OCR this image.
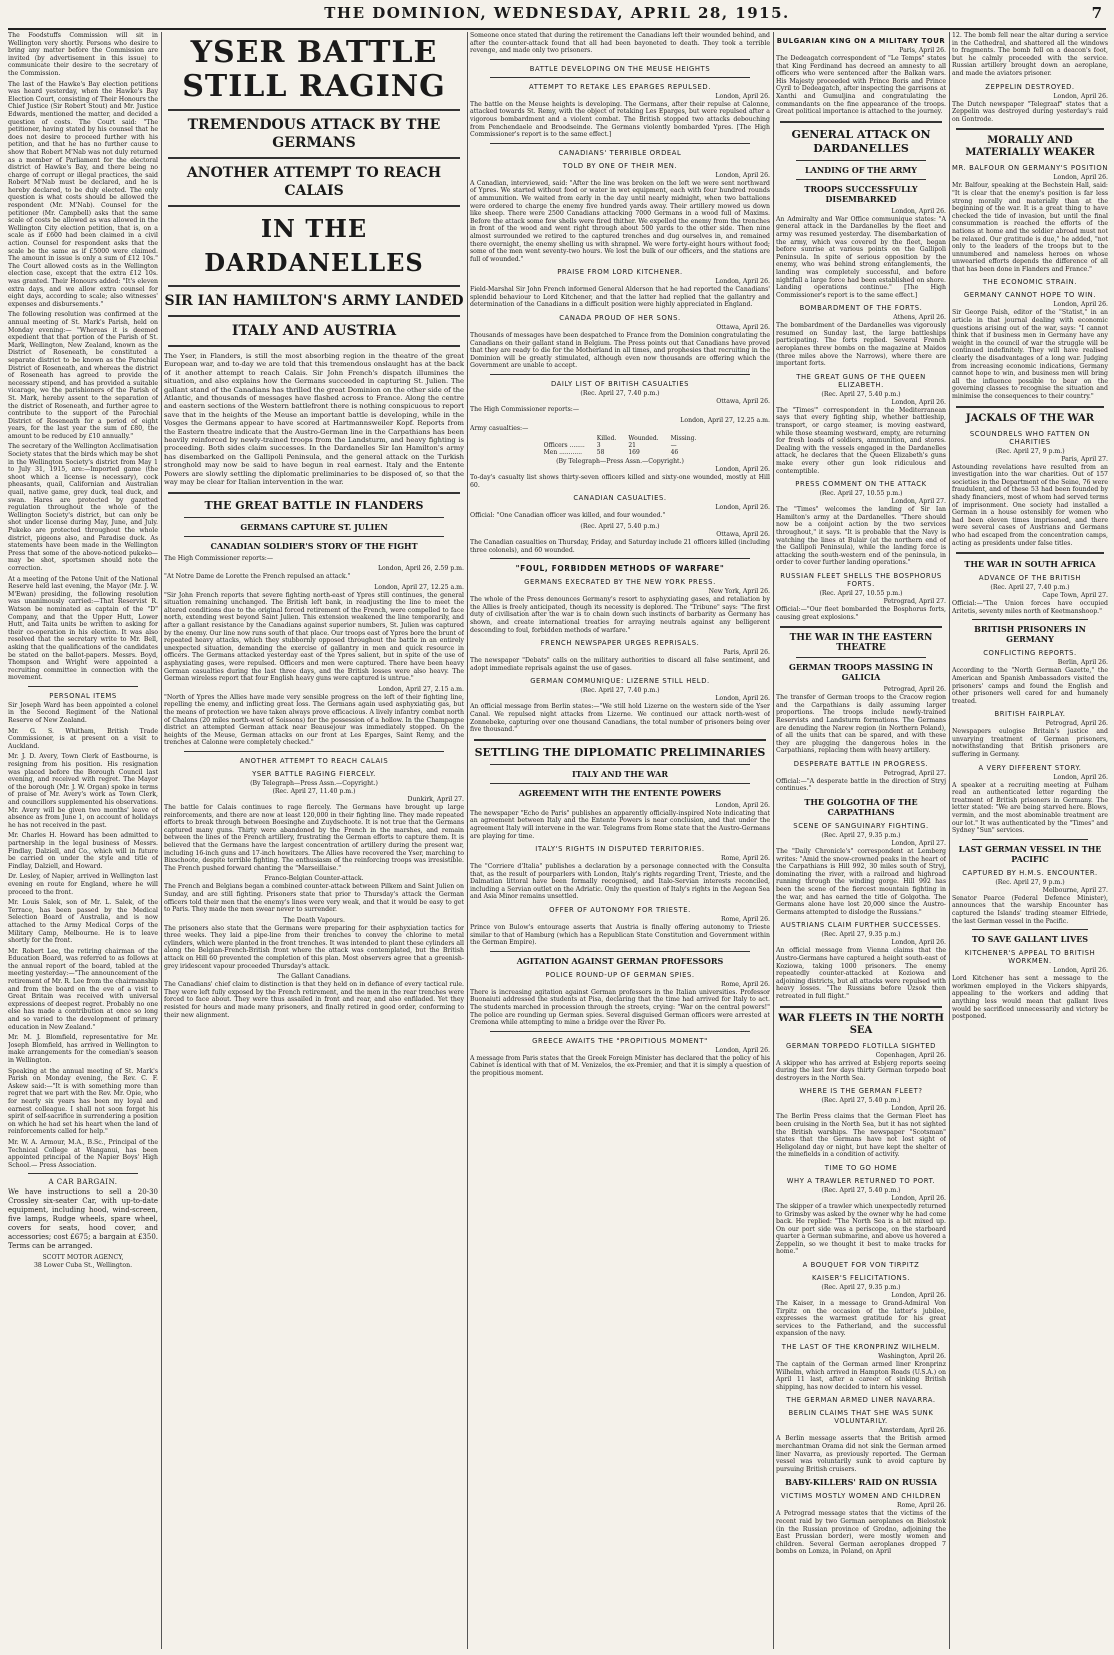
THE DOMINION, WEDNESDAY, APRIL 28, 1915.	7

The Foodstuffs Commission will sit in Wellington very shortly. Persons who desire to bring any matter before the Commission are invited (by advertisement in this issue) to communicate their desire to the secretary of the Commission.

The last of the Hawke's Bay election petitions was heard yesterday, when the Hawke's Bay Election Court, consisting of Their Honours the Chief Justice (Sir Robert Stout) and Mr. Justice Edwards, mentioned the matter, and decided a question of costs. The Court said: "The petitioner, having stated by his counsel that he does not desire to proceed further with his petition, and that he has no further cause to show that Robert M'Nab was not duly returned as a member of Parliament for the electoral district of Hawke's Bay, and there being no charge of corrupt or illegal practices, the said Robert M'Nab must be declared, and he is hereby declared, to be duly elected. The only question is what costs should be allowed the respondent (Mr. M'Nab). Counsel for the petitioner (Mr. Campbell) asks that the same scale of costs be allowed as was allowed in the Wellington City election petition, that is, on a scale as if £600 had been claimed in a civil action. Counsel for respondent asks that the scale be the same as if £5000 were claimed. The amount in issue is only a sum of £12 10s." The Court allowed costs as in the Wellington election case, except that the extra £12 10s. was granted. Their Honours added: "It's eleven extra days, and we allow extra counsel for eight days, according to scale; also witnesses' expenses and disbursements."

The following resolution was confirmed at the annual meeting of St. Mark's Parish, held on Monday evening:— "Whereas it is deemed expedient that that portion of the Parish of St. Mark, Wellington, New Zealand, known as the District of Roseneath, be constituted a separate district to be known as the Parochial District of Roseneath, and whereas the district of Roseneath has agreed to provide the necessary stipend, and has provided a suitable vicarage, we the parishioners of the Parish of St. Mark, hereby assent to the separation of the district of Roseneath, and further agree to contribute to the support of the Parochial District of Roseneath for a period of eight years, for the last year the sum of £80, the amount to be reduced by £10 annually."

The secretary of the Wellington Acclimatisation Society states that the birds which may be shot in the Wellington Society's district from May 1 to July 31, 1915, are:—Imported game (the shoot which a license is necessary), cock pheasants, quail, Californian and Australian quail, native game, grey duck, teal duck, and swan. Hares are protected by gazetted regulation throughout the whole of the Wellington Society's district, but can only be shot under license during May, June, and July. Pukeko are protected throughout the whole district, pigeons also, and Paradise duck. As statements have been made in the Wellington Press that some of the above-noticed pukeko—may be shot, sportsmen should note the correction.

At a meeting of the Petone Unit of the National Reserve held last evening, the Mayor (Mr. J. W. M'Ewan) presiding, the following resolution was unanimously carried:—That Reservist R. Watson be nominated as captain of the "D" Company, and that the Upper Hutt, Lower Hutt, and Taita units be written to asking for their co-operation in his election. It was also resolved that the secretary write to Mr. Bell, asking that the qualifications of the candidates be stated on the ballot-papers. Messrs. Boyd, Thompson and Wright were appointed a recruiting committee in connection with the movement.

PERSONAL ITEMS

Sir Joseph Ward has been appointed a colonel in the Second Regiment of the National Reserve of New Zealand.

Mr. G. S. Whitham, British Trade Commissioner, is at present on a visit to Auckland.

Mr. J. D. Avery, Town Clerk of Eastbourne, is resigning from his position. His resignation was placed before the Borough Council last evening, and received with regret. The Mayor of the borough (Mr. J. W. Organ) spoke in terms of praise of Mr. Avery's work as Town Clerk, and councillors supplemented his observations. Mr. Avery will be given two months' leave of absence as from June 1, on account of holidays he has not received in the past.

Mr. Charles H. Howard has been admitted to partnership in the legal business of Messrs. Findlay, Dalziell, and Co., which will in future be carried on under the style and title of Findlay, Dalziell, and Howard.

Dr. Lesley, of Napier, arrived in Wellington last evening en route for England, where he will proceed to the front.

Mr. Louis Salek, son of Mr. L. Salek, of the Terrace, has been passed by the Medical Selection Board of Australia, and is now attached to the Army Medical Corps of the Military Camp, Melbourne. He is to leave shortly for the front.

Mr. Robert Lee, the retiring chairman of the Education Board, was referred to as follows at the annual report of the board, tabled at the meeting yesterday:—"The announcement of the retirement of Mr. R. Lee from the chairmanship and from the board on the eve of a visit to Great Britain was received with universal expressions of deepest regret. Probably no one else has made a contribution at once so long and so varied to the development of primary education in New Zealand."

Mr. M. J. Blomfield, representative for Mr. Joseph Blomfield, has arrived in Wellington to make arrangements for the comedian's season in Wellington.

Speaking at the annual meeting of St. Mark's Parish on Monday evening, the Rev. C. F. Askew said:—"It is with something more than regret that we part with the Rev. Mr. Opie, who for nearly six years has been my loyal and earnest colleague. I shall not soon forget his spirit of self-sacrifice in surrendering a position on which he had set his heart when the land of reinforcements called for help."

Mr. W. A. Armour, M.A., B.Sc., Principal of the Technical College at Wanganui, has been appointed principal of the Napier Boys' High School.— Press Association.

A CAR BARGAIN.

We have instructions to sell a 20-30 Crossley six-seater Car, with up-to-date equipment, including hood, wind-screen, five lamps, Rudge wheels, spare wheel, covers for seats, hood cover, and accessories; cost £675; a bargain at £350. Terms can be arranged.

SCOTT MOTOR AGENCY,
38 Lower Cuba St., Wellington.
YSER BATTLE STILL RAGING
TREMENDOUS ATTACK BY THE GERMANS
ANOTHER ATTEMPT TO REACH CALAIS
IN THE DARDANELLES
SIR IAN HAMILTON'S ARMY LANDED
ITALY AND AUSTRIA

The Yser, in Flanders, is still the most absorbing region in the theatre of the great European war, and to-day we are told that this tremendous onslaught has at the back of it another attempt to reach Calais. Sir John French's dispatch illumines the situation, and also explains how the Germans succeeded in capturing St. Julien. The gallant stand of the Canadians has thrilled the great Dominion on the other side of the Atlantic, and thousands of messages have flashed across to France. Along the centre and eastern sections of the Western battlefront there is nothing conspicuous to report save that in the heights of the Meuse an important battle is developing, while in the Vosges the Germans appear to have scored at Hartmannsweiler Kopf. Reports from the Eastern theatre indicate that the Austro-German line in the Carpathians has been heavily reinforced by newly-trained troops from the Landsturm, and heavy fighting is proceeding. Both sides claim successes. In the Dardanelles Sir Ian Hamilton's army has disembarked on the Gallipoli Peninsula, and the general attack on the Turkish stronghold may now be said to have begun in real earnest. Italy and the Entente Powers are slowly settling the diplomatic preliminaries to be disposed of, so that the way may be clear for Italian intervention in the war.

THE GREAT BATTLE IN FLANDERS
GERMANS CAPTURE ST. JULIEN
CANADIAN SOLDIER'S STORY OF THE FIGHT

The High Commissioner reports:—

London, April 26, 2.59 p.m.

"At Notre Dame de Lorette the French repulsed an attack."

London, April 27, 12.25 a.m.

"Sir John French reports that severe fighting north-east of Ypres still continues, the general situation remaining unchanged. The British left bank, in readjusting the line to meet the altered conditions due to the original forced retirement of the French, were compelled to face north, extending west beyond Saint Julien. This extension weakened the line temporarily, and after a gallant resistance by the Canadians against superior numbers, St. Julien was captured by the enemy. Our line now runs south of that place. Our troops east of Ypres bore the brunt of repeated heavy attacks, which they stubbornly opposed throughout the battle in an entirely unexpected situation, demanding the exercise of gallantry in men and quick resource in officers. The Germans attacked yesterday east of the Ypres salient, but in spite of the use of asphyxiating gases, were repulsed. Officers and men were captured. There have been heavy German casualties during the last three days, and the British losses were also heavy. The German wireless report that four English heavy guns were captured is untrue."

London, April 27, 2.15 a.m.

"North of Ypres the Allies have made very sensible progress on the left of their fighting line, repelling the enemy, and inflicting great loss. The Germans again used asphyxiating gas, but the means of protection we have taken always prove efficacious. A lively infantry combat north of Chalons (20 miles north-west of Soissons) for the possession of a hollow. In the Champagne district an attempted German attack near Beausejour was immediately stopped. On the heights of the Meuse, German attacks on our front at Les Eparges, Saint Remy, and the trenches at Calonne were completely checked."

ANOTHER ATTEMPT TO REACH CALAIS
YSER BATTLE RAGING FIERCELY.
(By Telegraph—Press Assn.—Copyright.)
(Rec. April 27, 11.40 p.m.)
Dunkirk, April 27.

The battle for Calais continues to rage fiercely. The Germans have brought up large reinforcements, and there are now at least 120,000 in their fighting line. They made repeated efforts to break through between Boesinghe and Zuydschoote. It is not true that the Germans captured many guns. Thirty were abandoned by the French in the marshes, and remain between the lines of the French artillery, frustrating the German efforts to capture them. It is believed that the Germans have the largest concentration of artillery during the present war, including 16-inch guns and 17-inch howitzers. The Allies have recovered the Yser, marching to Bixschoote, despite terrible fighting. The enthusiasm of the reinforcing troops was irresistible. The French pushed forward chanting the "Marseillaise."

Franco-Belgian Counter-attack.

The French and Belgians began a combined counter-attack between Pilkem and Saint Julien on Sunday, and are still fighting. Prisoners state that prior to Thursday's attack the German officers told their men that the enemy's lines were very weak, and that it would be easy to get to Paris. They made the men swear never to surrender.

The Death Vapours.

The prisoners also state that the Germans were preparing for their asphyxiation tactics for three weeks. They laid a pipe-line from their trenches to convey the chlorine to metal cylinders, which were planted in the front trenches. It was intended to plant these cylinders all along the Belgian-French-British front where the attack was contemplated, but the British attack on Hill 60 prevented the completion of this plan. Most observers agree that a greenish-grey iridescent vapour proceeded Thursday's attack.

The Gallant Canadians.

The Canadians' chief claim to distinction is that they held on in defiance of every tactical rule. They were left fully exposed by the French retirement, and the men in the rear trenches were forced to face about. They were thus assailed in front and rear, and also enfiladed. Yet they resisted for hours and made many prisoners, and finally retired in good order, conforming to their new alignment.

Someone once stated that during the retirement the Canadians left their wounded behind, and after the counter-attack found that all had been bayoneted to death. They took a terrible revenge, and made only two prisoners.

BATTLE DEVELOPING ON THE MEUSE HEIGHTS
ATTEMPT TO RETAKE LES EPARGES REPULSED.
London, April 26.

The battle on the Meuse heights is developing. The Germans, after their repulse at Calonne, attacked towards St. Remy, with the object of retaking Les Eparges, but were repulsed after a vigorous bombardment and a violent combat. The British stopped two attacks debouching from Penchendaele and Broodseinde. The Germans violently bombarded Ypres. [The High Commissioner's report is to the same effect.]

CANADIANS' TERRIBLE ORDEAL
TOLD BY ONE OF THEIR MEN.
London, April 26.

A Canadian, interviewed, said: "After the line was broken on the left we were sent northward of Ypres. We started without food or water in wet equipment, each with four hundred rounds of ammunition. We waited from early in the day until nearly midnight, when two battalions were ordered to charge the enemy five hundred yards away. Their artillery mowed us down like sheep. There were 2500 Canadians attacking 7000 Germans in a wood full of Maxims. Before the attack some few shells were fired thither. We expelled the enemy from the trenches in front of the wood and went right through about 500 yards to the other side. Then nine almost surrounded we retired to the captured trenches and dug ourselves in, and remained there overnight, the enemy shelling us with shrapnel. We were forty-eight hours without food; some of the men went seventy-two hours. We lost the bulk of our officers, and the stations are full of wounded."

PRAISE FROM LORD KITCHENER.
London, April 26.

Field-Marshal Sir John French informed General Alderson that he had reported the Canadians' splendid behaviour to Lord Kitchener, and that the latter had replied that the gallantry and determination of the Canadians in a difficult position were highly appreciated in England.

CANADA PROUD OF HER SONS.
Ottawa, April 26.

Thousands of messages have been despatched to France from the Dominion congratulating the Canadians on their gallant stand in Belgium. The Press points out that Canadians have proved that they are ready to die for the Motherland in all times, and prophesies that recruiting in the Dominion will be greatly stimulated, although even now thousands are offering which the Government are unable to accept.

DAILY LIST OF BRITISH CASUALTIES
(Rec. April 27, 7.40 p.m.)
Ottawa, April 26.

The High Commissioner reports:—

London, April 27, 12.25 a.m.

Army casualties:—

	Killed.	Wounded.	Missing.
Officers ........	3	21	—
Men ............	58	169	46
(By Telegraph—Press Assn.—Copyright.)
London, April 26.

To-day's casualty list shows thirty-seven officers killed and sixty-one wounded, mostly at Hill 60.

CANADIAN CASUALTIES.
London, April 26.

Official: "One Canadian officer was killed, and four wounded."

(Rec. April 27, 5.40 p.m.)
Ottawa, April 26.

The Canadian casualties on Thursday, Friday, and Saturday include 21 officers killed (including three colonels), and 60 wounded.

"FOUL, FORBIDDEN METHODS OF WARFARE"
GERMANS EXECRATED BY THE NEW YORK PRESS.
New York, April 26.

The whole of the Press denounces Germany's resort to asphyxiating gases, and retaliation by the Allies is freely anticipated, though its necessity is deplored. The "Tribune" says: "The first duty of civilisation after the war is to chain down such instincts of barbarity as Germany has shown, and create international treaties for arraying neutrals against any belligerent descending to foul, forbidden methods of warfare."

FRENCH NEWSPAPER URGES REPRISALS.
Paris, April 26.

The newspaper "Debats" calls on the military authorities to discard all false sentiment, and adopt immediate reprisals against the use of gases.

GERMAN COMMUNIQUE: LIZERNE STILL HELD.
(Rec. April 27, 7.40 p.m.)
London, April 26.

An official message from Berlin states:—"We still hold Lizerne on the western side of the Yser Canal. We repulsed night attacks from Lizerne. We continued our attack north-west of Zonnebeke, capturing over one thousand Canadians, the total number of prisoners being over five thousand."

SETTLING THE DIPLOMATIC PRELIMINARIES
ITALY AND THE WAR
AGREEMENT WITH THE ENTENTE POWERS
London, April 26.

The newspaper "Echo de Paris" publishes an apparently officially-inspired Note indicating that an agreement between Italy and the Entente Powers is near conclusion, and that under the agreement Italy will intervene in the war. Telegrams from Rome state that the Austro-Germans are playing for time.

ITALY'S RIGHTS IN DISPUTED TERRITORIES.
Rome, April 26.

The "Corriere d'Italia" publishes a declaration by a personage connected with the Consulta that, as the result of pourparlers with London, Italy's rights regarding Trent, Trieste, and the Dalmatian littoral have been formally recognised, and Italo-Servian interests reconciled, including a Servian outlet on the Adriatic. Only the question of Italy's rights in the Aegean Sea and Asia Minor remains unsettled.

OFFER OF AUTONOMY FOR TRIESTE.
Rome, April 26.

Prince von Bulow's entourage asserts that Austria is finally offering autonomy to Trieste similar to that of Hamburg (which has a Republican State Constitution and Government within the German Empire).

AGITATION AGAINST GERMAN PROFESSORS
POLICE ROUND-UP OF GERMAN SPIES.
Rome, April 26.

There is increasing agitation against German professors in the Italian universities. Professor Buonaiuti addressed the students at Pisa, declaring that the time had arrived for Italy to act. The students marched in procession through the streets, crying: "War on the central powers!" The police are rounding up German spies. Several disguised German officers were arrested at Cremona while attempting to mine a bridge over the River Po.

GREECE AWAITS THE "PROPITIOUS MOMENT"
London, April 26.

A message from Paris states that the Greek Foreign Minister has declared that the policy of his Cabinet is identical with that of M. Venizelos, the ex-Premier, and that it is simply a question of the propitious moment.

BULGARIAN KING ON A MILITARY TOUR
Paris, April 26.

The Dedeagatch correspondent of "Le Temps" states that King Ferdinand has decreed an amnesty to all officers who were sentenced after the Balkan wars. His Majesty proceeded with Prince Boris and Prince Cyril to Dedeagatch, after inspecting the garrisons at Xanthi and Gumuljina and congratulating the commandants on the fine appearance of the troops. Great political importance is attached to the journey.

GENERAL ATTACK ON DARDANELLES
LANDING OF THE ARMY
TROOPS SUCCESSFULLY DISEMBARKED
London, April 26.

An Admiralty and War Office communique states: "A general attack in the Dardanelles by the fleet and army was resumed yesterday. The disembarkation of the army, which was covered by the fleet, began before sunrise at various points on the Gallipoli Peninsula. In spite of serious opposition by the enemy, who was behind strong entanglements, the landing was completely successful, and before nightfall a large force had been established on shore. Landing operations continue." [The High Commissioner's report is to the same effect.]

BOMBARDMENT OF THE FORTS.
Athens, April 26.

The bombardment of the Dardanelles was vigorously resumed on Sunday last, the large battleships participating. The forts replied. Several French aeroplanes threw bombs on the magazine at Maidos (three miles above the Narrows), where there are important forts.

THE GREAT GUNS OF THE QUEEN ELIZABETH.
(Rec. April 27, 5.40 p.m.)
London, April 26.

The "Times'" correspondent in the Mediterranean says that every fighting ship, whether battleship, transport, or cargo steamer, is moving eastward, while those steaming westward, empty, are returning for fresh loads of soldiers, ammunition, and stores. Dealing with the vessels engaged in the Dardanelles attack, he declares that the Queen Elizabeth's guns make every other gun look ridiculous and contemptible.

PRESS COMMENT ON THE ATTACK
(Rec. April 27, 10.55 p.m.)
London, April 27.

The "Times" welcomes the landing of Sir Ian Hamilton's army at the Dardanelles. "There should now be a conjoint action by the two services throughout," it says. "It is probable that the Navy is watching the lines at Bulair (at the northern end of the Gallipoli Peninsula), while the landing force is attacking the south-western end of the peninsula, in order to cover further landing operations."

RUSSIAN FLEET SHELLS THE BOSPHORUS FORTS.
(Rec. April 27, 10.55 p.m.)
Petrograd, April 27.

Official:—"Our fleet bombarded the Bosphorus forts, causing great explosions."

THE WAR IN THE EASTERN THEATRE
GERMAN TROOPS MASSING IN GALICIA
Petrograd, April 26.

The transfer of German troops to the Cracow region and the Carpathians is daily assuming larger proportions. The troops include newly-trained Reservists and Landsturm formations. The Germans are denuding the Narew region (in Northern Poland), of all the units that can be spared, and with these they are plugging the dangerous holes in the Carpathians, replacing them with heavy artillery.

DESPERATE BATTLE IN PROGRESS.
Petrograd, April 27.

Official:—"A desperate battle in the direction of Stryj continues."

THE GOLGOTHA OF THE CARPATHIANS
SCENE OF SANGUINARY FIGHTING.
(Rec. April 27, 9.35 p.m.)
London, April 27.

The "Daily Chronicle's" correspondent at Lemberg writes: "Amid the snow-crowned peaks in the heart of the Carpathians is Hill 992, 30 miles south of Stryj, dominating the river, with a railroad and highroad running through the winding gorge. Hill 992 has been the scene of the fiercest mountain fighting in the war, and has earned the title of Golgotha. The Germans alone have lost 20,000 since the Austro-Germans attempted to dislodge the Russians."

AUSTRIANS CLAIM FURTHER SUCCESSES.
(Rec. April 27, 9.35 p.m.)
London, April 26.

An official message from Vienna claims that the Austro-Germans have captured a height south-east of Koziowa, taking 1000 prisoners. The enemy repeatedly counter-attacked at Koziowa and adjoining districts, but all attacks were repulsed with heavy losses. "The Russians before Uzsok then retreated in full flight."

WAR FLEETS IN THE NORTH SEA
GERMAN TORPEDO FLOTILLA SIGHTED
Copenhagen, April 26.

A skipper who has arrived at Esbjerg reports seeing during the last few days thirty German torpedo boat destroyers in the North Sea.

WHERE IS THE GERMAN FLEET?
(Rec. April 27, 5.40 p.m.)
London, April 26.

The Berlin Press claims that the German Fleet has been cruising in the North Sea, but it has not sighted the British warships. The newspaper "Scotsman" states that the Germans have not lost sight of Heligoland day or night, but have kept the shelter of the minefields in a condition of activity.

TIME TO GO HOME
WHY A TRAWLER RETURNED TO PORT.
(Rec. April 27, 5.40 p.m.)
London, April 26.

The skipper of a trawler which unexpectedly returned to Grimsby was asked by the owner why he had come back. He replied: "The North Sea is a bit mixed up. On our port side was a periscope, on the starboard quarter a German submarine, and above us hovered a Zeppelin, so we thought it best to make tracks for home."

A BOUQUET FOR VON TIRPITZ
KAISER'S FELICITATIONS.
(Rec. April 27, 9.35 p.m.)
London, April 26.

The Kaiser, in a message to Grand-Admiral Von Tirpitz on the occasion of the latter's jubilee, expresses the warmest gratitude for his great services to the Fatherland, and the successful expansion of the navy.

THE LAST OF THE KRONPRINZ WILHELM.
Washington, April 26.

The captain of the German armed liner Kronprinz Wilhelm, which arrived in Hampton Roads (U.S.A.) on April 11 last, after a career of sinking British shipping, has now decided to intern his vessel.

THE GERMAN ARMED LINER NAVARRA.
BERLIN CLAIMS THAT SHE WAS SUNK VOLUNTARILY.
Amsterdam, April 26.

A Berlin message asserts that the British armed merchantman Orama did not sink the German armed liner Navarra, as previously reported. The German vessel was voluntarily sunk to avoid capture by pursuing British cruisers.

BABY-KILLERS' RAID ON RUSSIA
VICTIMS MOSTLY WOMEN AND CHILDREN
Rome, April 26.

A Petrograd message states that the victims of the recent raid by two German aeroplanes on Bielostok (in the Russian province of Grodno, adjoining the East Prussian border), were mostly women and children. Several German aeroplanes dropped 7 bombs on Lomza, in Poland, on April

12. The bomb fell near the altar during a service in the Cathedral, and shattered all the windows to fragments. The bomb fell on a deacon's foot, but he calmly proceeded with the service. Russian artillery brought down an aeroplane, and made the aviators prisoner.

ZEPPELIN DESTROYED.
London, April 26.

The Dutch newspaper "Telegraaf" states that a Zeppelin was destroyed during yesterday's raid on Gontrode.

MORALLY AND MATERIALLY WEAKER
MR. BALFOUR ON GERMANY'S POSITION
London, April 26.

Mr. Balfour, speaking at the Bechstein Hall, said: "It is clear that the enemy's position is far less strong morally and materially than at the beginning of the war. It is a great thing to have checked the tide of invasion, but until the final consummation is reached the efforts of the nations at home and the soldier abroad must not be relaxed. Our gratitude is due," he added, "not only to the leaders of the troops but to the unnumbered and nameless heroes on whose unwearied efforts depends the difference of all that has been done in Flanders and France."

THE ECONOMIC STRAIN.
GERMANY CANNOT HOPE TO WIN.
London, April 26.

Sir George Paish, editor of the "Statist," in an article in that journal dealing with economic questions arising out of the war, says: "I cannot think that if business men in Germany have any weight in the council of war the struggle will be continued indefinitely. They will have realised clearly the disadvantages of a long war. Judging from increasing economic indications, Germany cannot hope to win, and business men will bring all the influence possible to bear on the governing classes to recognise the situation and minimise the consequences to their country."

JACKALS OF THE WAR
SCOUNDRELS WHO FATTEN ON CHARITIES
(Rec. April 27, 9 p.m.)
Paris, April 27.

Astounding revelations have resulted from an investigation into the war charities. Out of 157 societies in the Department of the Seine, 76 were fraudulent, and of these 53 had been founded by shady financiers, most of whom had served terms of imprisonment. One society had installed a German in a house ostensibly for women who had been eleven times imprisoned, and there were several cases of Austrians and Germans who had escaped from the concentration camps, acting as presidents under false titles.

THE WAR IN SOUTH AFRICA
ADVANCE OF THE BRITISH
(Rec. April 27, 7.40 p.m.)
Cape Town, April 27.

Official:—"The Union forces have occupied Aritetis, seventy miles north of Keetmanshoop."

BRITISH PRISONERS IN GERMANY
CONFLICTING REPORTS.
Berlin, April 26.

According to the "North German Gazette," the American and Spanish Ambassadors visited the prisoners' camps and found the English and other prisoners well cared for and humanely treated.

BRITISH FAIRPLAY.
Petrograd, April 26.

Newspapers eulogise Britain's justice and unvarying treatment of German prisoners, notwithstanding that British prisoners are suffering in Germany.

A VERY DIFFERENT STORY.
London, April 26.

A speaker at a recruiting meeting at Fulham read an authenticated letter regarding the treatment of British prisoners in Germany. The letter stated: "We are being starved here. Blows, vermin, and the most abominable treatment are our lot." It was authenticated by the "Times" and Sydney "Sun" services.

LAST GERMAN VESSEL IN THE PACIFIC
CAPTURED BY H.M.S. ENCOUNTER.
(Rec. April 27, 9 p.m.)
Melbourne, April 27.

Senator Pearce (Federal Defence Minister), announces that the warship Encounter has captured the Islands' trading steamer Elfriede, the last German vessel in the Pacific.

TO SAVE GALLANT LIVES
KITCHENER'S APPEAL TO BRITISH WORKMEN.
London, April 26.

Lord Kitchener has sent a message to the workmen employed in the Vickers shipyards, appealing to the workers and adding that anything less would mean that gallant lives would be sacrificed unnecessarily and victory be postponed.
